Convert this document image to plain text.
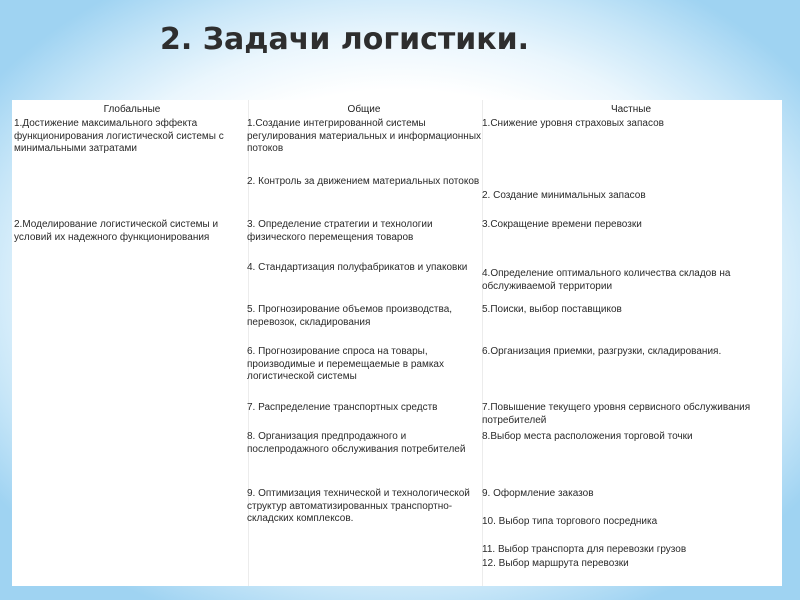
2. Задачи логистики.
Глобальные	Общие	Частные
1.Достижение максимального эффекта функционирования логистической системы с минимальными затратами
2.Моделирование логистической системы и условий их надежного функционирования
1.Создание интегрированной системы регулирования материальных и информационных потоков
2. Контроль за движением материальных потоков
3. Определение стратегии и технологии физического перемещения товаров
4. Стандартизация полуфабрикатов и упаковки
5. Прогнозирование объемов производства, перевозок, складирования
6. Прогнозирование спроса на товары, производимые и перемещаемые в рамках логистической системы
7. Распределение транспортных средств
8. Организация предпродажного и послепродажного обслуживания потребителей
9. Оптимизация технической и технологической структур автоматизированных транспортно-складских комплексов.
1.Снижение уровня страховых запасов
2. Создание минимальных запасов
3.Сокращение времени перевозки
4.Определение оптимального количества складов на обслуживаемой территории
5.Поиски, выбор поставщиков
6.Организация приемки, разгрузки, складирования.
7.Повышение текущего уровня сервисного обслуживания потребителей
8.Выбор места расположения торговой точки
9. Оформление заказов
10. Выбор типа торгового посредника
11. Выбор транспорта для перевозки грузов
12. Выбор маршрута перевозки
